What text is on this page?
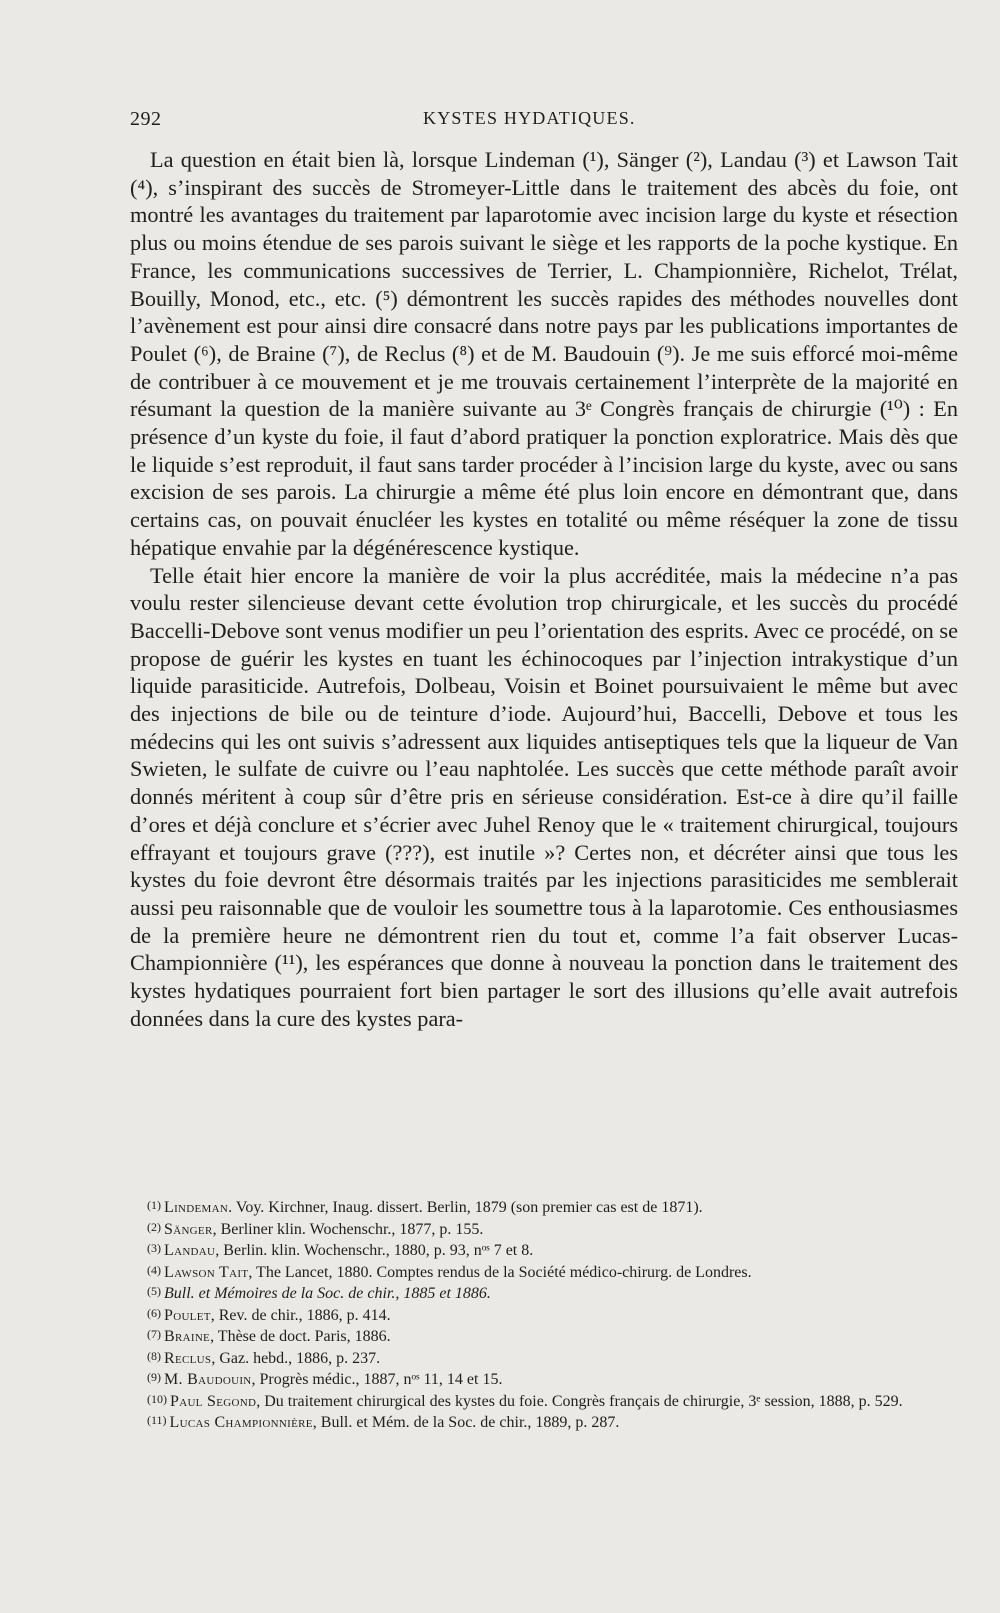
292	KYSTES HYDATIQUES.

La question en était bien là, lorsque Lindeman (¹), Sänger (²), Landau (³) et Lawson Tait (⁴), s’inspirant des succès de Stromeyer-Little dans le traitement des abcès du foie, ont montré les avantages du traitement par laparotomie avec incision large du kyste et résection plus ou moins étendue de ses parois suivant le siège et les rapports de la poche kystique. En France, les communications successives de Terrier, L. Championnière, Richelot, Trélat, Bouilly, Monod, etc., etc. (⁵) démontrent les succès rapides des méthodes nouvelles dont l’avènement est pour ainsi dire consacré dans notre pays par les publications importantes de Poulet (⁶), de Braine (⁷), de Reclus (⁸) et de M. Baudouin (⁹). Je me suis efforcé moi-même de contribuer à ce mouvement et je me trouvais certainement l’interprète de la majorité en résumant la question de la manière suivante au 3ᵉ Congrès français de chirurgie (¹⁰) : En présence d’un kyste du foie, il faut d’abord pratiquer la ponction exploratrice. Mais dès que le liquide s’est reproduit, il faut sans tarder procéder à l’incision large du kyste, avec ou sans excision de ses parois. La chirurgie a même été plus loin encore en démontrant que, dans certains cas, on pouvait énucléer les kystes en totalité ou même réséquer la zone de tissu hépatique envahie par la dégénérescence kystique.

Telle était hier encore la manière de voir la plus accréditée, mais la médecine n’a pas voulu rester silencieuse devant cette évolution trop chirurgicale, et les succès du procédé Baccelli-Debove sont venus modifier un peu l’orientation des esprits. Avec ce procédé, on se propose de guérir les kystes en tuant les échinocoques par l’injection intrakystique d’un liquide parasiticide. Autrefois, Dolbeau, Voisin et Boinet poursuivaient le même but avec des injections de bile ou de teinture d’iode. Aujourd’hui, Baccelli, Debove et tous les médecins qui les ont suivis s’adressent aux liquides antiseptiques tels que la liqueur de Van Swieten, le sulfate de cuivre ou l’eau naphtolée. Les succès que cette méthode paraît avoir donnés méritent à coup sûr d’être pris en sérieuse considération. Est-ce à dire qu’il faille d’ores et déjà conclure et s’écrier avec Juhel Renoy que le « traitement chirurgical, toujours effrayant et toujours grave (???), est inutile »? Certes non, et décréter ainsi que tous les kystes du foie devront être désormais traités par les injections parasiticides me semblerait aussi peu raisonnable que de vouloir les soumettre tous à la laparotomie. Ces enthousiasmes de la première heure ne démontrent rien du tout et, comme l’a fait observer Lucas-Championnière (¹¹), les espérances que donne à nouveau la ponction dans le traitement des kystes hydatiques pourraient fort bien partager le sort des illusions qu’elle avait autrefois données dans la cure des kystes para-

(1) Lindeman. Voy. Kirchner, Inaug. dissert. Berlin, 1879 (son premier cas est de 1871).

(2) Sänger, Berliner klin. Wochenschr., 1877, p. 155.

(3) Landau, Berlin. klin. Wochenschr., 1880, p. 93, nᵒˢ 7 et 8.

(4) Lawson Tait, The Lancet, 1880. Comptes rendus de la Société médico-chirurg. de Londres.

(5) Bull. et Mémoires de la Soc. de chir., 1885 et 1886.

(6) Poulet, Rev. de chir., 1886, p. 414.

(7) Braine, Thèse de doct. Paris, 1886.

(8) Reclus, Gaz. hebd., 1886, p. 237.

(9) M. Baudouin, Progrès médic., 1887, nᵒˢ 11, 14 et 15.

(10) Paul Segond, Du traitement chirurgical des kystes du foie. Congrès français de chirurgie, 3ᵉ session, 1888, p. 529.

(11) Lucas Championnière, Bull. et Mém. de la Soc. de chir., 1889, p. 287.
